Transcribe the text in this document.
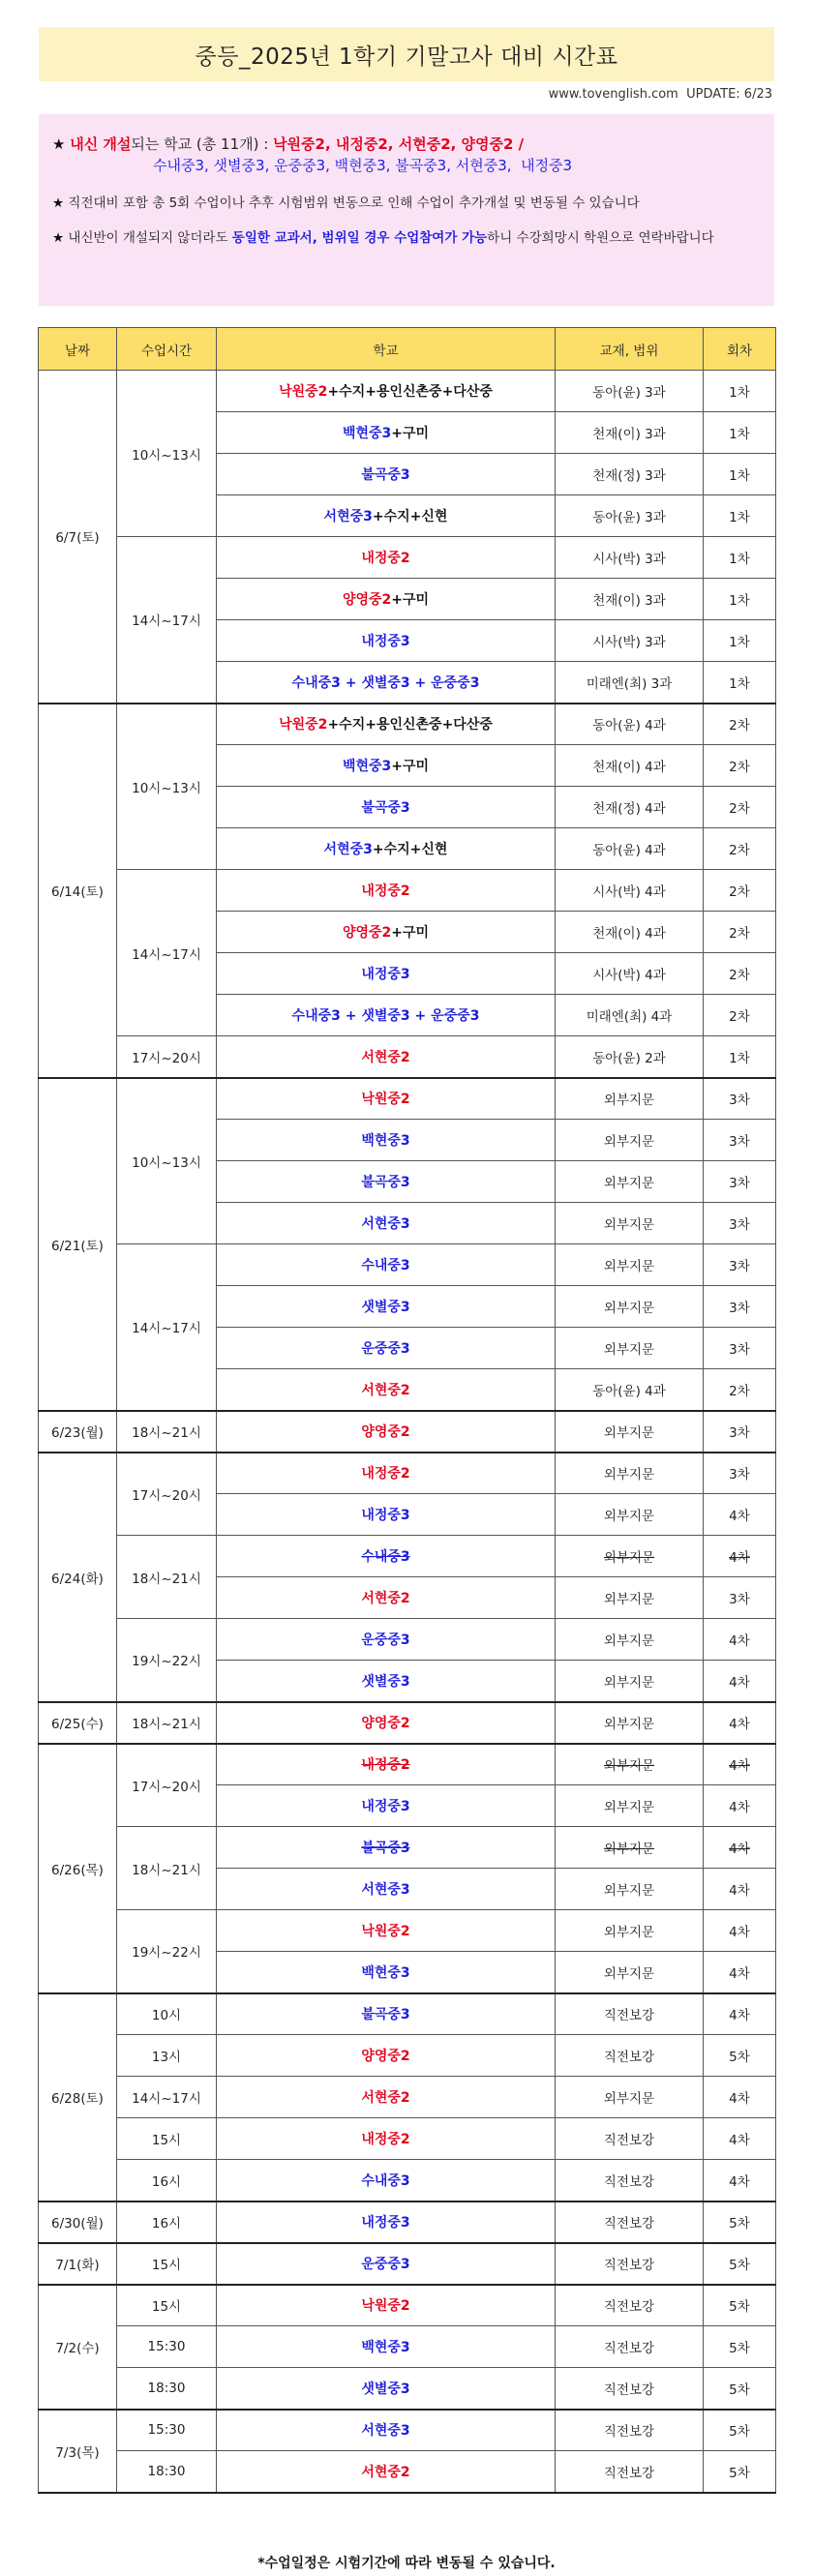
중등_2025년 1학기 기말고사 대비 시간표
www.tovenglish.com UPDATE: 6/23

★ 내신 개설되는 학교 (총 11개) : 낙원중2, 내정중2, 서현중2, 양영중2 /
수내중3, 샛별중3, 운중중3, 백현중3, 불곡중3, 서현중3, 내정중3

★ 직전대비 포함 총 5회 수업이나 추후 시험범위 변동으로 인해 수업이 추가개설 및 변동될 수 있습니다

★ 내신반이 개설되지 않더라도 동일한 교과서, 범위일 경우 수업참여가 가능하니 수강희망시 학원으로 연락바랍니다

날짜	수업시간	학교	교재, 범위	회차
6/7(토)	10시~13시	낙원중2+수지+용인신촌중+다산중	동아(윤) 3과	1차
		백현중3+구미	천재(이) 3과	1차
		불곡중3	천재(정) 3과	1차
		서현중3+수지+신현	동아(윤) 3과	1차
	14시~17시	내정중2	시사(박) 3과	1차
		양영중2+구미	천재(이) 3과	1차
		내정중3	시사(박) 3과	1차
		수내중3 + 샛별중3 + 운중중3	미래엔(최) 3과	1차
6/14(토)	10시~13시	낙원중2+수지+용인신촌중+다산중	동아(윤) 4과	2차
		백현중3+구미	천재(이) 4과	2차
		불곡중3	천재(정) 4과	2차
		서현중3+수지+신현	동아(윤) 4과	2차
	14시~17시	내정중2	시사(박) 4과	2차
		양영중2+구미	천재(이) 4과	2차
		내정중3	시사(박) 4과	2차
		수내중3 + 샛별중3 + 운중중3	미래엔(최) 4과	2차
	17시~20시	서현중2	동아(윤) 2과	1차
6/21(토)	10시~13시	낙원중2	외부지문	3차
		백현중3	외부지문	3차
		불곡중3	외부지문	3차
		서현중3	외부지문	3차
	14시~17시	수내중3	외부지문	3차
		샛별중3	외부지문	3차
		운중중3	외부지문	3차
		서현중2	동아(윤) 4과	2차
6/23(월)	18시~21시	양영중2	외부지문	3차
6/24(화)	17시~20시	내정중2	외부지문	3차
		내정중3	외부지문	4차
	18시~21시	수내중3	외부지문	4차
		서현중2	외부지문	3차
	19시~22시	운중중3	외부지문	4차
		샛별중3	외부지문	4차
6/25(수)	18시~21시	양영중2	외부지문	4차
6/26(목)	17시~20시	내정중2	외부지문	4차
		내정중3	외부지문	4차
	18시~21시	불곡중3	외부지문	4차
		서현중3	외부지문	4차
	19시~22시	낙원중2	외부지문	4차
		백현중3	외부지문	4차
6/28(토)	10시	불곡중3	직전보강	4차
	13시	양영중2	직전보강	5차
	14시~17시	서현중2	외부지문	4차
	15시	내정중2	직전보강	4차
	16시	수내중3	직전보강	4차
6/30(월)	16시	내정중3	직전보강	5차
7/1(화)	15시	운중중3	직전보강	5차
7/2(수)	15시	낙원중2	직전보강	5차
	15:30	백현중3	직전보강	5차
	18:30	샛별중3	직전보강	5차
7/3(목)	15:30	서현중3	직전보강	5차
	18:30	서현중2	직전보강	5차
*수업일정은 시험기간에 따라 변동될 수 있습니다.
